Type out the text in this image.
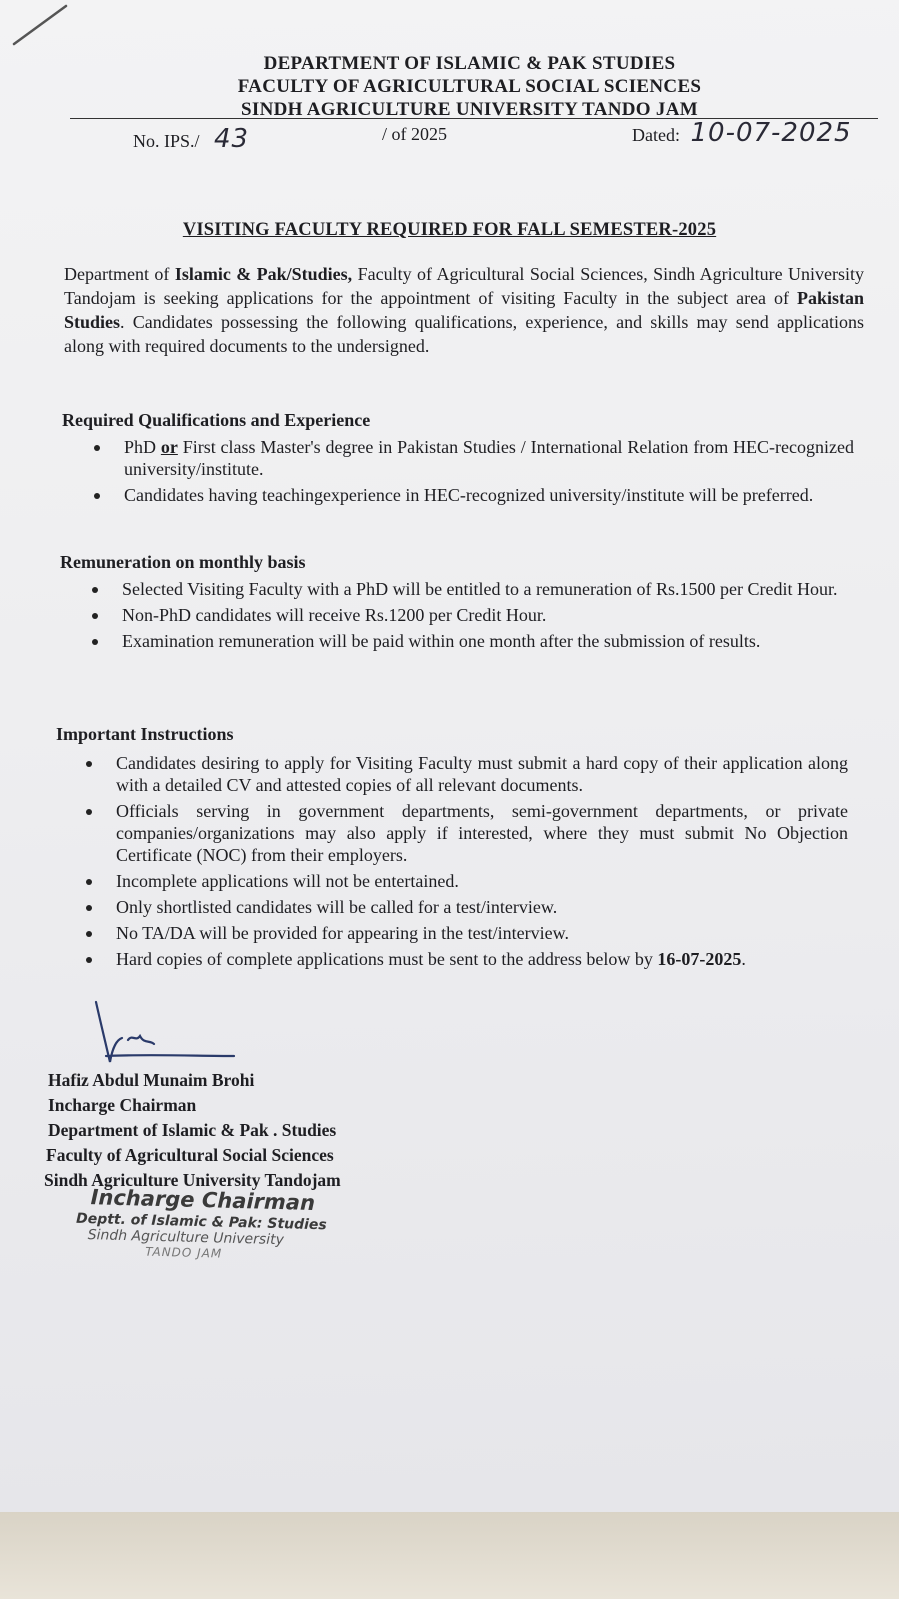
DEPARTMENT OF ISLAMIC & PAK STUDIES
FACULTY OF AGRICULTURAL SOCIAL SCIENCES
SINDH AGRICULTURE UNIVERSITY TANDO JAM
No. IPS./ 43	/ of 2025	Dated: 10-07-2025
VISITING FACULTY REQUIRED FOR FALL SEMESTER-2025
Department of Islamic & Pak/Studies, Faculty of Agricultural Social Sciences, Sindh Agriculture University Tandojam is seeking applications for the appointment of visiting Faculty in the subject area of Pakistan Studies. Candidates possessing the following qualifications, experience, and skills may send applications along with required documents to the undersigned.
Required Qualifications and Experience
PhD or First class Master's degree in Pakistan Studies / International Relation from HEC-recognized university/institute.
Candidates having teachingexperience in HEC-recognized university/institute will be preferred.
Remuneration on monthly basis
Selected Visiting Faculty with a PhD will be entitled to a remuneration of Rs.1500 per Credit Hour.
Non-PhD candidates will receive Rs.1200 per Credit Hour.
Examination remuneration will be paid within one month after the submission of results.
Important Instructions
Candidates desiring to apply for Visiting Faculty must submit a hard copy of their application along with a detailed CV and attested copies of all relevant documents.
Officials serving in government departments, semi-government departments, or private companies/organizations may also apply if interested, where they must submit No Objection Certificate (NOC) from their employers.
Incomplete applications will not be entertained.
Only shortlisted candidates will be called for a test/interview.
No TA/DA will be provided for appearing in the test/interview.
Hard copies of complete applications must be sent to the address below by 16-07-2025.
Hafiz Abdul Munaim Brohi
Incharge Chairman
Department of Islamic & Pak . Studies
Faculty of Agricultural Social Sciences
Sindh Agriculture University Tandojam
Incharge Chairman
Deptt. of Islamic & Pak: Studies
Sindh Agriculture University
TANDO JAM
